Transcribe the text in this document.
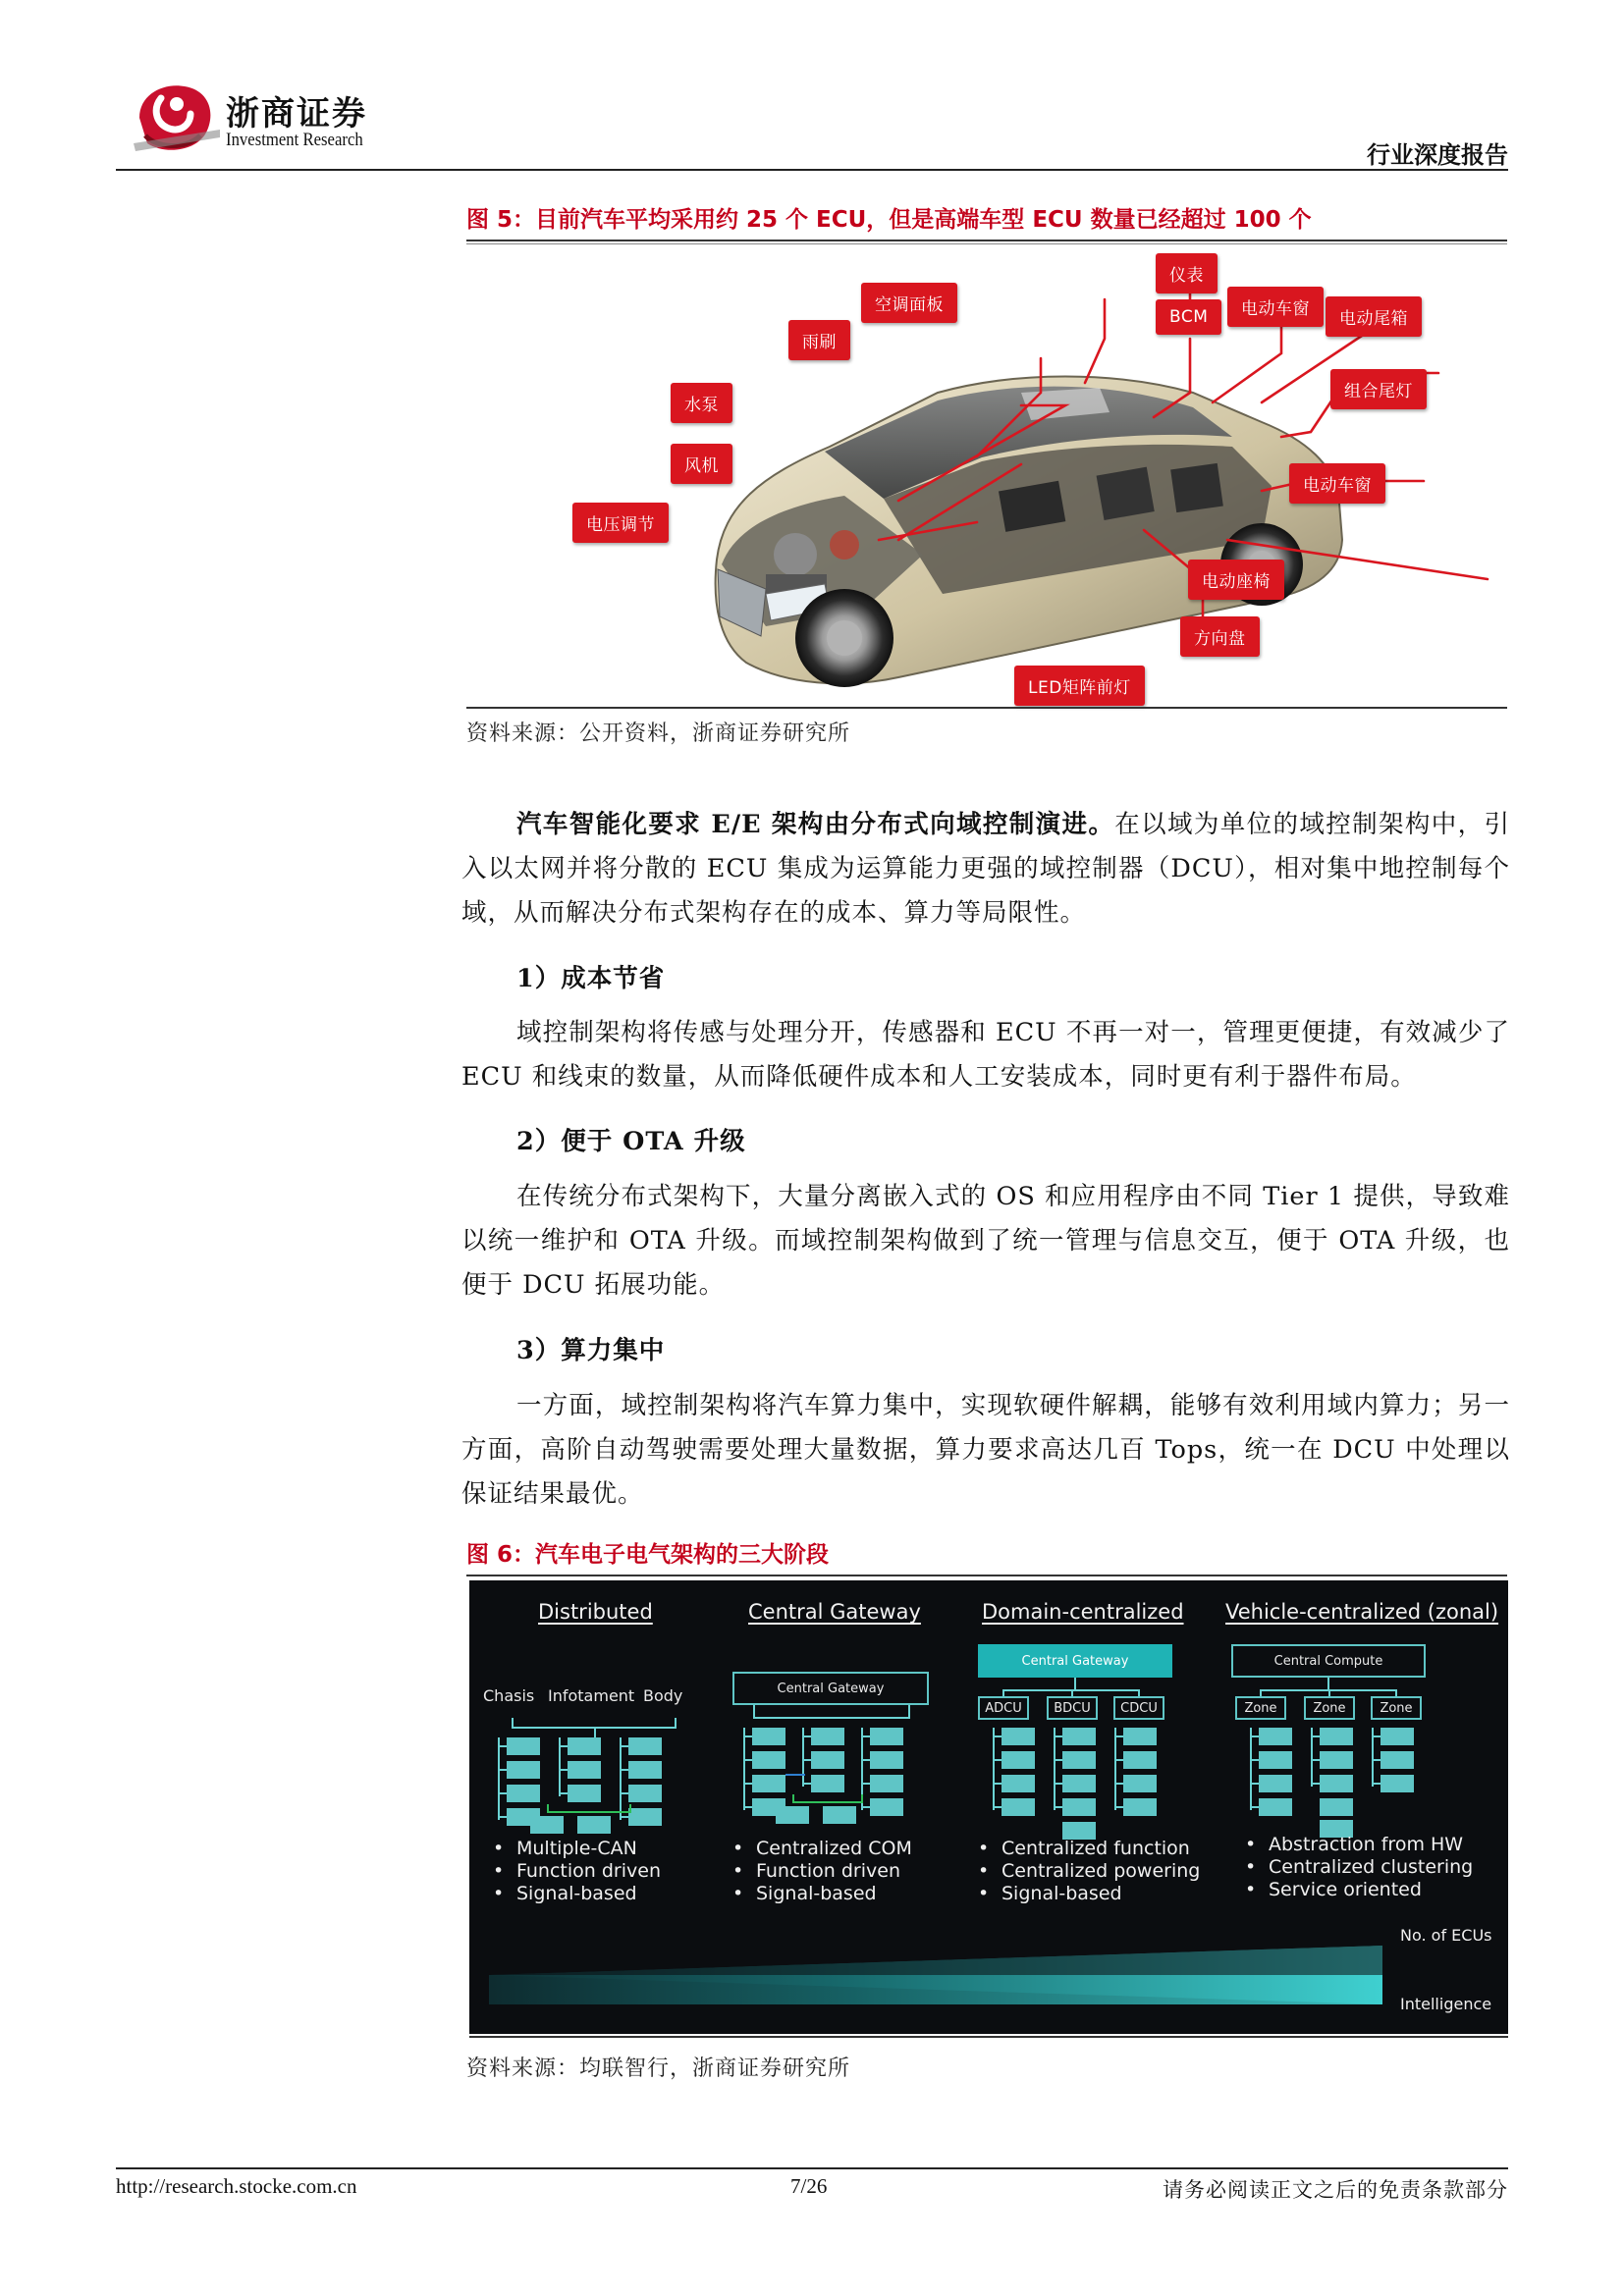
浙商证券
Investment Research
行业深度报告
图 5：目前汽车平均采用约 25 个 ECU，但是高端车型 ECU 数量已经超过 100 个
仪表
空调面板
BCM	电动车窗	电动尾箱
雨刷
水泵
组合尾灯
风机
电动车窗
电压调节
电动座椅
方向盘
LED矩阵前灯
资料来源：公开资料，浙商证券研究所
汽车智能化要求 E/E 架构由分布式向域控制演进。在以域为单位的域控制架构中，引入以太网并将分散的 ECU 集成为运算能力更强的域控制器（DCU），相对集中地控制每个域，从而解决分布式架构存在的成本、算力等局限性。
1）成本节省
域控制架构将传感与处理分开，传感器和 ECU 不再一对一，管理更便捷，有效减少了 ECU 和线束的数量，从而降低硬件成本和人工安装成本，同时更有利于器件布局。
2）便于 OTA 升级
在传统分布式架构下，大量分离嵌入式的 OS 和应用程序由不同 Tier 1 提供，导致难以统一维护和 OTA 升级。而域控制架构做到了统一管理与信息交互，便于 OTA 升级，也便于 DCU 拓展功能。
3）算力集中
一方面，域控制架构将汽车算力集中，实现软硬件解耦，能够有效利用域内算力；另一方面，高阶自动驾驶需要处理大量数据，算力要求高达几百 Tops，统一在 DCU 中处理以保证结果最优。
图 6：汽车电子电气架构的三大阶段
Distributed	Central Gateway	Domain-centralized Vehicle-centralized (zonal)
Chasis Infotament Body	Central Gateway
Central Gateway
ADCU BDCU CDCU
Central Compute
Zone	Zone	Zone
• Multiple-CAN
• Function driven
• Signal-based
• Centralized COM
• Function driven
• Signal-based
• Centralized function
• Centralized powering
• Signal-based
• Abstraction from HW
• Centralized clustering
• Service oriented
No. of ECUs
Intelligence
资料来源：均联智行，浙商证券研究所
http://research.stocke.com.cn	7/26	请务必阅读正文之后的免责条款部分
